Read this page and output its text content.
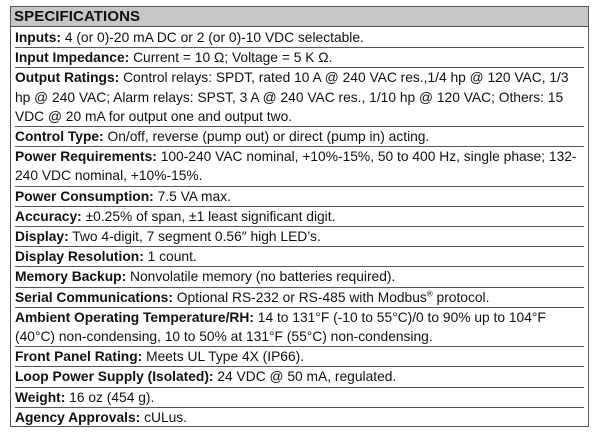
SPECIFICATIONS
Inputs: 4 (or 0)-20 mA DC or 2 (or 0)-10 VDC selectable.
Input Impedance: Current = 10 Ω; Voltage = 5 K Ω.
Output Ratings: Control relays: SPDT, rated 10 A @ 240 VAC res.,1/4 hp @ 120 VAC, 1/3 hp @ 240 VAC; Alarm relays: SPST, 3 A @ 240 VAC res., 1/10 hp @ 120 VAC; Others: 15 VDC @ 20 mA for output one and output two.
Control Type: On/off, reverse (pump out) or direct (pump in) acting.
Power Requirements: 100-240 VAC nominal, +10%-15%, 50 to 400 Hz, single phase; 132-240 VDC nominal, +10%-15%.
Power Consumption: 7.5 VA max.
Accuracy: ±0.25% of span, ±1 least significant digit.
Display: Two 4-digit, 7 segment 0.56″ high LED’s.
Display Resolution: 1 count.
Memory Backup: Nonvolatile memory (no batteries required).
Serial Communications: Optional RS-232 or RS-485 with Modbus® protocol.
Ambient Operating Temperature/RH: 14 to 131°F (-10 to 55°C)/0 to 90% up to 104°F (40°C) non-condensing, 10 to 50% at 131°F (55°C) non-condensing.
Front Panel Rating: Meets UL Type 4X (IP66).
Loop Power Supply (Isolated): 24 VDC @ 50 mA, regulated.
Weight: 16 oz (454 g).
Agency Approvals: cULus.
